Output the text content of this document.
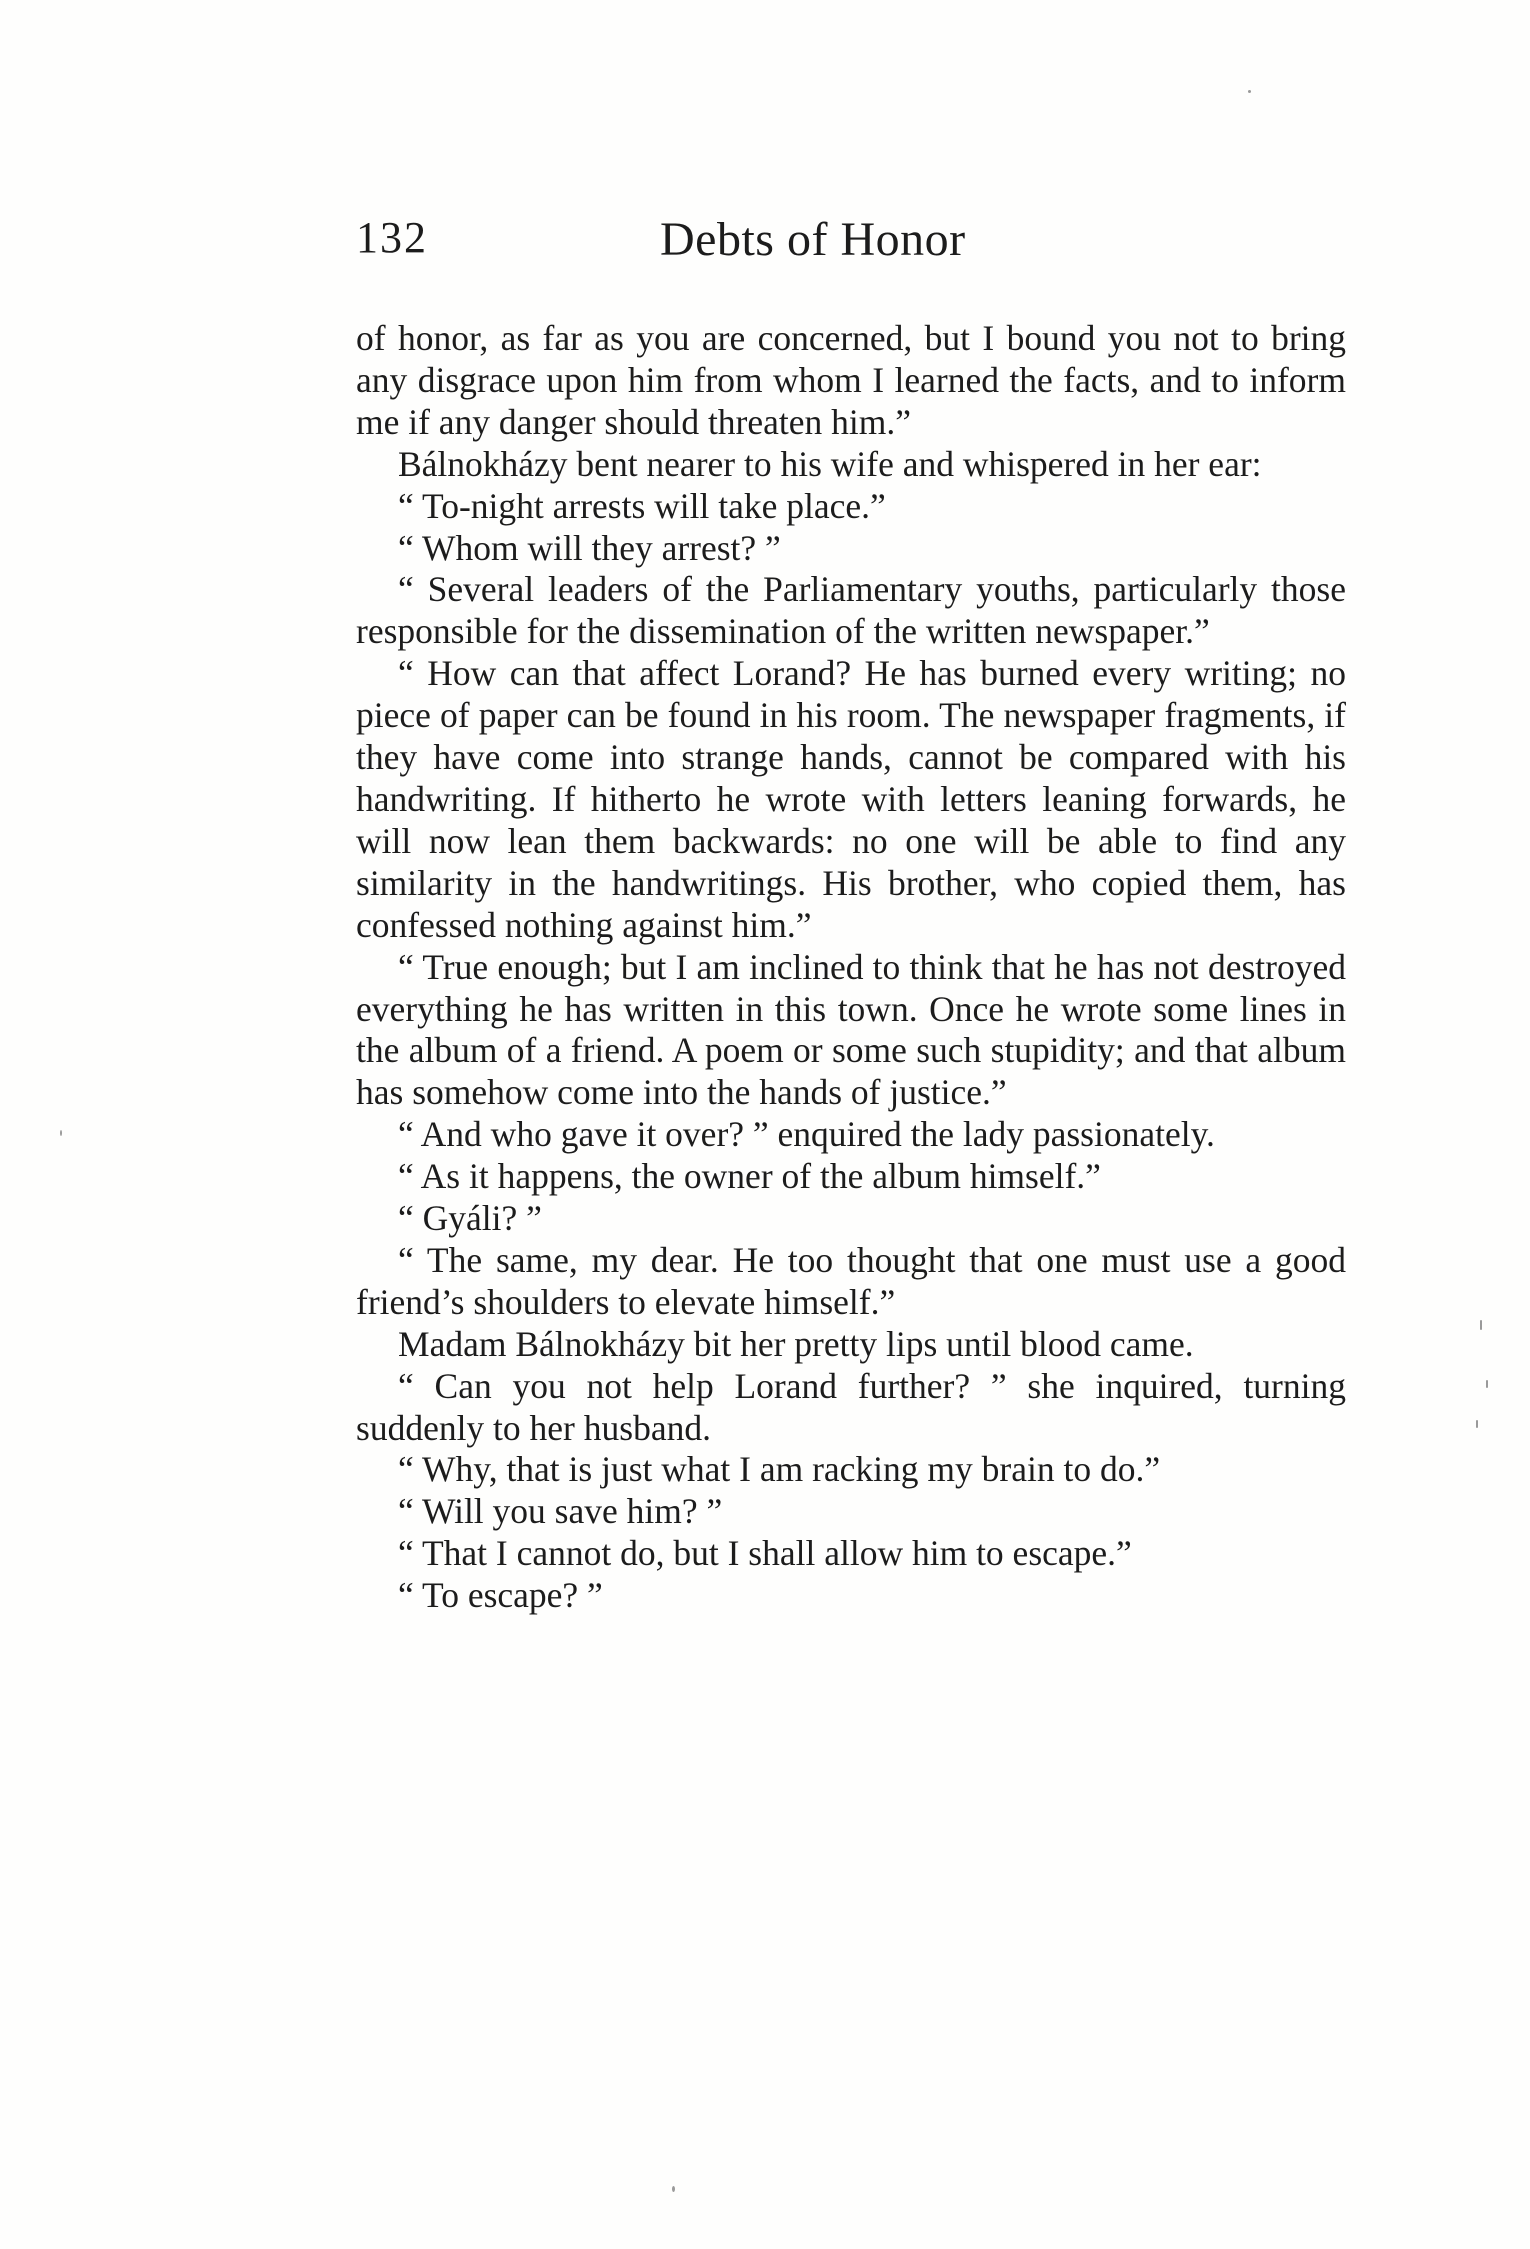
132	Debts of Honor

of honor, as far as you are concerned, but I bound you not to bring any disgrace upon him from whom I learned the facts, and to inform me if any danger should threaten him.”

Bálnokházy bent nearer to his wife and whispered in her ear:

“ To-night arrests will take place.”

“ Whom will they arrest? ”

“ Several leaders of the Parliamentary youths, particularly those responsible for the dissemination of the written newspaper.”

“ How can that affect Lorand? He has burned every writing; no piece of paper can be found in his room. The newspaper fragments, if they have come into strange hands, cannot be compared with his handwriting. If hitherto he wrote with letters leaning forwards, he will now lean them backwards: no one will be able to find any similarity in the handwritings. His brother, who copied them, has confessed nothing against him.”

“ True enough; but I am inclined to think that he has not destroyed everything he has written in this town. Once he wrote some lines in the album of a friend. A poem or some such stupidity; and that album has somehow come into the hands of justice.”

“ And who gave it over? ” enquired the lady passionately.

“ As it happens, the owner of the album himself.”

“ Gyáli? ”

“ The same, my dear. He too thought that one must use a good friend’s shoulders to elevate himself.”

Madam Bálnokházy bit her pretty lips until blood came.

“ Can you not help Lorand further? ” she inquired, turning suddenly to her husband.

“ Why, that is just what I am racking my brain to do.”

“ Will you save him? ”

“ That I cannot do, but I shall allow him to escape.”

“ To escape? ”
